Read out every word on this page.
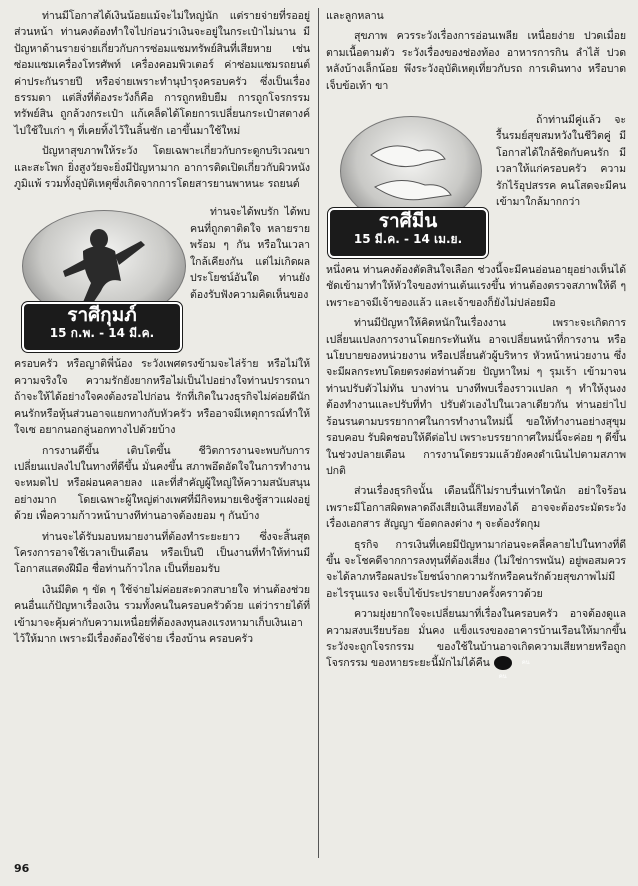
ท่านมีโอกาสได้เงินน้อยแม้จะไม่ใหญ่นัก แต่รายจ่ายที่รออยู่ส่วนหน้า ท่านคงต้องทำใจไปก่อนว่าเงินจะอยู่ในกระเป๋าไม่นาน มีปัญหาด้านรายจ่ายเกี่ยวกับการซ่อมแซมทรัพย์สินที่เสียหาย เช่น ซ่อมแซมเครื่องโทรศัพท์ เครื่องคอมพิวเตอร์ ค่าซ่อมแซมรถยนต์ ค่าประกันรายปี หรือจ่ายเพราะทำนุบำรุงครอบครัว ซึ่งเป็นเรื่องธรรมดา แต่สิ่งที่ต้องระวังก็คือ การถูกหยิบยืม การถูกโจรกรรมทรัพย์สิน ถูกล้วงกระเป๋า แก้เคล็ดได้โดยการเปลี่ยนกระเป๋าสตางค์ไปใช้ใบเก่า ๆ ที่เคยทิ้งไว้ในลิ้นชัก เอาขึ้นมาใช้ใหม่

ปัญหาสุขภาพให้ระวัง โดยเฉพาะเกี่ยวกับกระดูกบริเวณขาและสะโพก ยิ่งสูงวัยจะยิ่งมีปัญหามาก อาการติดเปิดเกี่ยวกับผิวหนัง ภูมิแพ้ รวมทั้งอุบัติเหตุซึ่งเกิดจากการโดยสารยานพาหนะ รถยนต์

ราศีกุมภ์
15 ก.พ. - 14 มี.ค.

ท่านจะได้พบรัก ได้พบคนที่ถูกตาติดใจ หลายรายพร้อม ๆ กัน หรือในเวลาใกล้เคียงกัน แต่ไม่เกิดผลประโยชน์อันใด ท่านยังต้องรับฟังความคิดเห็นของ

ครอบครัว หรือญาติพี่น้อง ระวังเพศตรงข้ามจะไล่ร้าย หรือไม่ให้ความจริงใจ ความรักยังยากหรือไม่เป็นไปอย่างใจท่านปรารถนา ถ้าจะให้ได้อย่างใจคงต้องรอไปก่อน รักที่เกิดในวงธุรกิจไม่ค่อยดีนัก คนรักหรือหุ้นส่วนอาจแยกทางกับหัวครัว หรืออาจมีเหตุการณ์ทำให้ใจเซ อยากนอกลู่นอกทางไปด้วยบ้าง

การงานดีขึ้น เติบโตขึ้น ชีวิตการงานจะพบกับการเปลี่ยนแปลงไปในทางที่ดีขึ้น มั่นคงขึ้น สภาพอึดอัดใจในการทำงานจะหมดไป หรือผ่อนคลายลง และที่สำคัญผู้ใหญ่ให้ความสนับสนุนอย่างมาก โดยเฉพาะผู้ใหญ่ต่างเพศที่มีกิจหมายเชิงชู้สาวแฝงอยู่ด้วย เพื่อความก้าวหน้าบางทีท่านอาจต้องยอม ๆ กันบ้าง

ท่านจะได้รับมอบหมายงานที่ต้องทำระยะยาว ซึ่งจะสิ้นสุดโครงการอาจใช้เวลาเป็นเดือน หรือเป็นปี เป็นงานที่ทำให้ท่านมีโอกาสแสดงฝีมือ ชื่อท่านก้าวไกล เป็นที่ยอมรับ

เงินมีติด ๆ ขัด ๆ ใช้จ่ายไม่ค่อยสะดวกสบายใจ ท่านต้องช่วยคนอื่นแก้ปัญหาเรื่องเงิน รวมทั้งคนในครอบครัวด้วย แต่ว่ารายได้ที่เข้ามาจะคุ้มค่ากับความเหนื่อยที่ต้องลงทุนลงแรงหามาเก็บเงินเอาไว้ให้มาก เพราะมีเรื่องต้องใช้จ่าย เรื่องบ้าน ครอบครัว

และลูกหลาน

สุขภาพ ควรระวังเรื่องการอ่อนเพลีย เหนื่อยง่าย ปวดเมื่อยตามเนื้อตามตัว ระวังเรื่องของช่องท้อง อาหารการกิน ลำไส้ ปวดหลังบ้างเล็กน้อย พึงระวังอุบัติเหตุเที่ยวกับรถ การเดินทาง หรือบาดเจ็บข้อเท้า ขา

ราศีมีน
15 มี.ค. - 14 เม.ย.

ถ้าท่านมีคู่แล้ว จะรื้นรมย์สุขสมหวังในชีวิตคู่ มีโอกาสได้ใกล้ชิดกับคนรัก มีเวลาให้แก่ครอบครัว ความรักไร้อุปสรรค คนโสดจะมีคนเข้ามาใกล้มากกว่า

หนึ่งคน ท่านคงต้องตัดสินใจเลือก ช่วงนี้จะมีคนอ่อนอายุอย่างเห็นได้ชัดเข้ามาทำให้หัวใจของท่านเต้นแรงขึ้น ท่านต้องตรวจสภาพให้ดี ๆ เพราะอาจมีเจ้าของแล้ว และเจ้าของก็ยังไม่ปล่อยมือ

ท่านมีปัญหาให้คิดหนักในเรื่องงาน เพราะจะเกิดการเปลี่ยนแปลงการงานโดยกระทันหัน อาจเปลี่ยนหน้าที่การงาน หรือนโยบายของหน่วยงาน หรือเปลี่ยนตัวผู้บริหาร หัวหน้าหน่วยงาน ซึ่งจะมีผลกระทบโดยตรงต่อท่านด้วย ปัญหาใหม่ ๆ รุมเร้า เข้ามาจนท่านปรับตัวไม่ทัน บางท่าน บางทีพบเรื่องราวแปลก ๆ ทำให้งุนงง ต้องทำงานและปรับที่ทำ ปรับตัวเองไปในเวลาเดียวกัน ท่านอย่าไปร้อนรนตามบรรยากาศในการทำงานใหม่นี้ ขอให้ทำงานอย่างสุขุม รอบคอบ รับผิดชอบให้ดีต่อไป เพราะบรรยากาศใหม่นี้จะค่อย ๆ ดีขึ้นในช่วงปลายเดือน การงานโดยรวมแล้วยังคงดำเนินไปตามสภาพปกติ

ส่วนเรื่องธุรกิจนั้น เดือนนี้ก็ไม่ราบรื่นเท่าใดนัก อย่าใจร้อนเพราะมีโอกาสผิดพลาดถึงเสียเงินเสียทองได้ อาจจะต้องระมัดระวังเรื่องเอกสาร สัญญา ข้อตกลงต่าง ๆ จะต้องรัดกุม

ธุรกิจ การเงินที่เคยมีปัญหามาก่อนจะคลี่คลายไปในทางที่ดีขึ้น จะโชคดีจากการลงทุนที่ต้องเสี่ยง (ไม่ใช่การพนัน) อยู่พอสมควร จะได้ลาภหรือผลประโยชน์จากความรักหรือคนรักด้วยสุขภาพไม่มีอะไรรุนแรง จะเจ็บไข้ประปรายบางครั้งคราวด้วย

ความยุ่งยากใจจะเปลี่ยนมาที่เรื่องในครอบครัว อาจต้องดูแลความสงบเรียบร้อย มั่นคง แข็งแรงของอาคารบ้านเรือนให้มากขึ้น ระวังจะถูกโจรกรรม ของใช้ในบ้านอาจเกิดความเสียหายหรือถูกโจรกรรม ของหายระยะนี้มักไม่ได้คืน	คน คน

96
